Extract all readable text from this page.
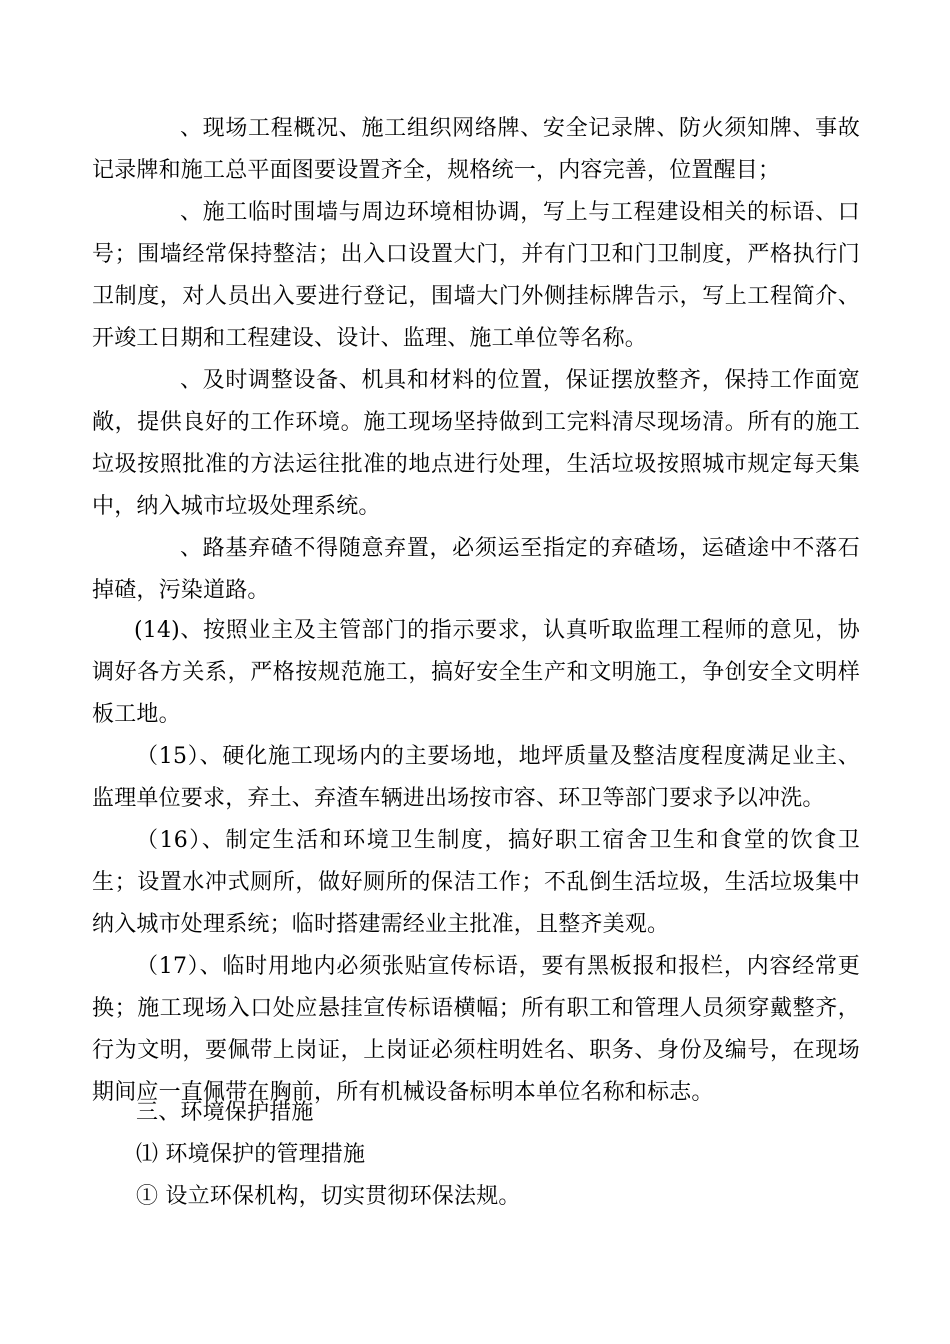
、现场工程概况、施工组织网络牌、安全记录牌、防火须知牌、事故记录牌和施工总平面图要设置齐全，规格统一，内容完善，位置醒目；

、施工临时围墙与周边环境相协调，写上与工程建设相关的标语、口号；围墙经常保持整洁；出入口设置大门，并有门卫和门卫制度，严格执行门卫制度，对人员出入要进行登记，围墙大门外侧挂标牌告示，写上工程简介、开竣工日期和工程建设、设计、监理、施工单位等名称。

、及时调整设备、机具和材料的位置，保证摆放整齐，保持工作面宽敞，提供良好的工作环境。施工现场坚持做到工完料清尽现场清。所有的施工垃圾按照批准的方法运往批准的地点进行处理，生活垃圾按照城市规定每天集中，纳入城市垃圾处理系统。

、路基弃碴不得随意弃置，必须运至指定的弃碴场，运碴途中不落石掉碴，污染道路。

(14)、按照业主及主管部门的指示要求，认真听取监理工程师的意见，协调好各方关系，严格按规范施工，搞好安全生产和文明施工，争创安全文明样板工地。

（15）、硬化施工现场内的主要场地，地坪质量及整洁度程度满足业主、监理单位要求，弃土、弃渣车辆进出场按市容、环卫等部门要求予以冲洗。

（16）、制定生活和环境卫生制度，搞好职工宿舍卫生和食堂的饮食卫生；设置水冲式厕所，做好厕所的保洁工作；不乱倒生活垃圾，生活垃圾集中纳入城市处理系统；临时搭建需经业主批准，且整齐美观。

（17）、临时用地内必须张贴宣传标语，要有黑板报和报栏，内容经常更换；施工现场入口处应悬挂宣传标语横幅；所有职工和管理人员须穿戴整齐，行为文明，要佩带上岗证，上岗证必须柱明姓名、职务、身份及编号，在现场期间应一直佩带在胸前，所有机械设备标明本单位名称和标志。

三、环境保护措施

⑴ 环境保护的管理措施

① 设立环保机构，切实贯彻环保法规。
